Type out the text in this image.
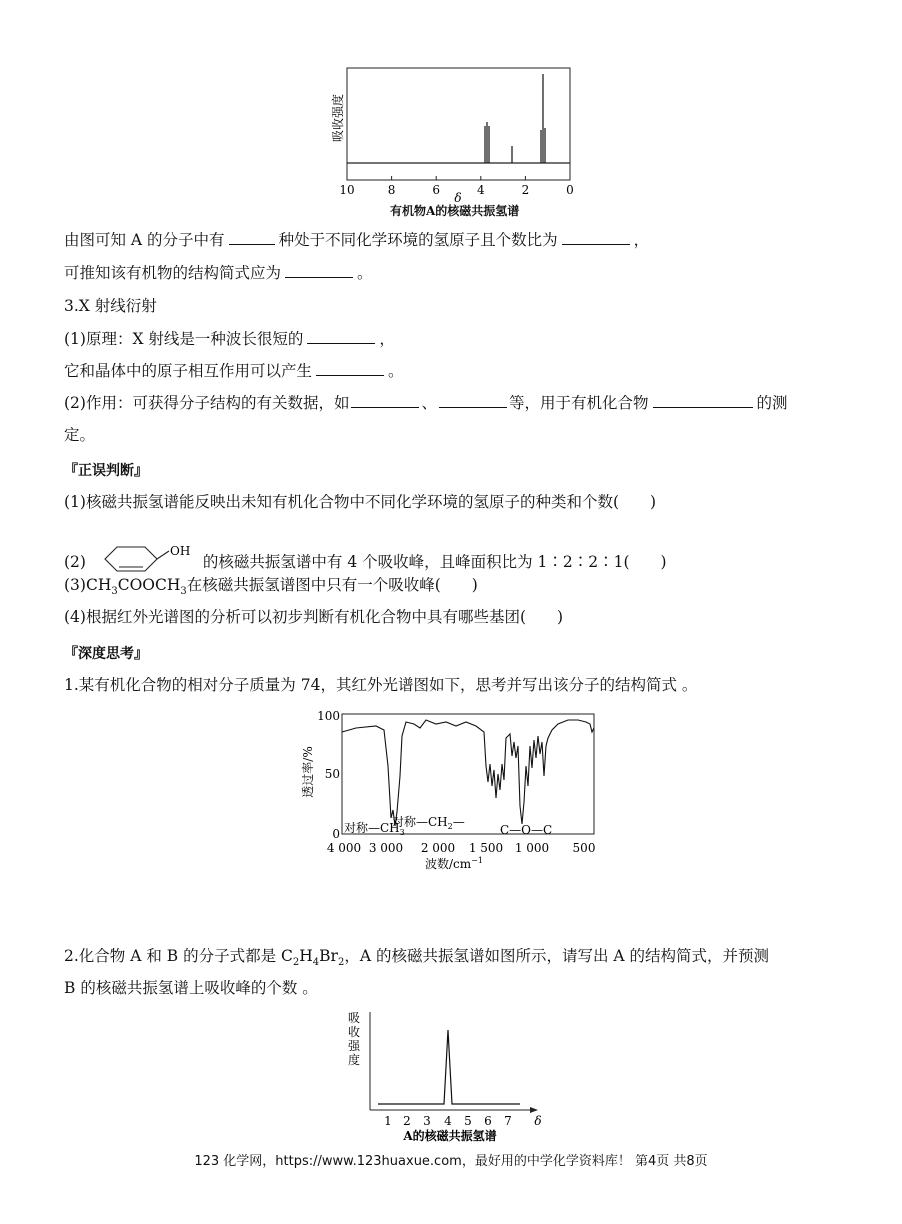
吸收强度
10	8	6	4	2	0
δ
有机物A的核磁共振氢谱
由图可知 A 的分子中有	种处于不同化学环境的氢原子且个数比为	，
可推知该有机物的结构简式应为	。
3.X 射线衍射
(1)原理：X 射线是一种波长很短的	，
它和晶体中的原子相互作用可以产生	。
(2)作用：可获得分子结构的有关数据，如	、	等，用于有机化合物	的测
定。
『正误判断』
(1)核磁共振氢谱能反映出未知有机化合物中不同化学环境的氢原子的种类和个数(　　)
(2)
OH
的核磁共振氢谱中有 4 个吸收峰，且峰面积比为 1∶2∶2∶1(　　)
$(3)CH_3COOCH_3$在核磁共振氢谱图中只有一个吸收峰(　　)
(4)根据红外光谱图的分析可以初步判断有机化合物中具有哪些基团(　　)
『深度思考』
1.某有机化合物的相对分子质量为 74，其红外光谱图如下，思考并写出该分子的结构简式 。
透过率/%
100
50
0 对称$—CH_3$
对称$—CH_2—$
C—O—C
4 000 3 000 2 000 1 500 1 000 500
波数$/cm^{-1}$
2.化合物 A 和 B 的分子式都是 $C_2H_4Br_2$，A 的核磁共振氢谱如图所示，请写出 A 的结构简式，并预测
B 的核磁共振氢谱上吸收峰的个数 。
吸
收
强
度
1 2 3 4 5 6 7 δ
A的核磁共振氢谱
123 化学网，https://www.123huaxue.com，最好用的中学化学资料库！ 第4页 共8页
